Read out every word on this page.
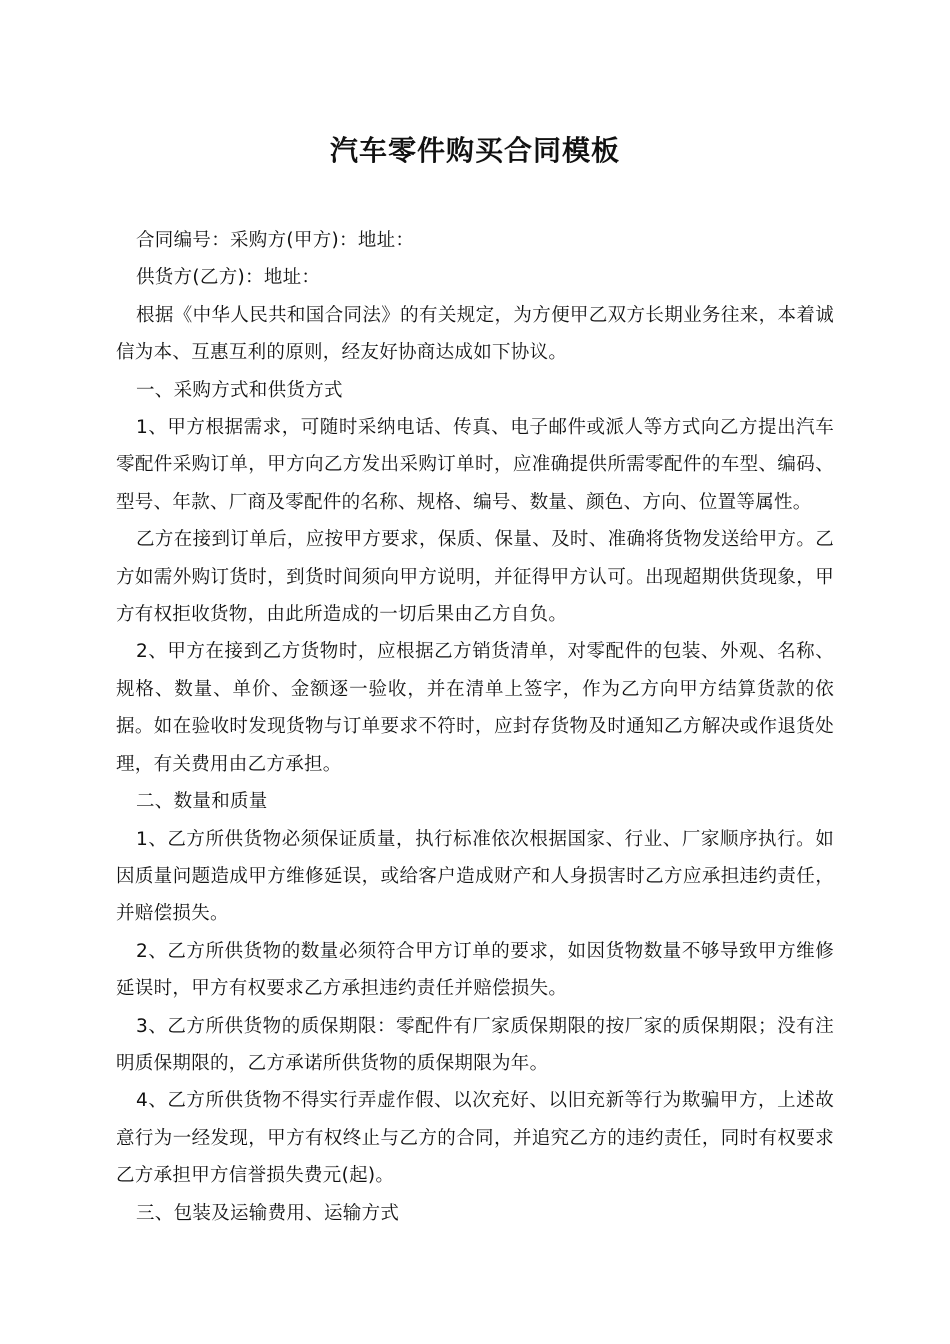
汽车零件购买合同模板

合同编号：采购方(甲方)：地址：

供货方(乙方)：地址：

根据《中华人民共和国合同法》的有关规定，为方便甲乙双方长期业务往来，本着诚信为本、互惠互利的原则，经友好协商达成如下协议。

一、采购方式和供货方式

1、甲方根据需求，可随时采纳电话、传真、电子邮件或派人等方式向乙方提出汽车零配件采购订单，甲方向乙方发出采购订单时，应准确提供所需零配件的车型、编码、型号、年款、厂商及零配件的名称、规格、编号、数量、颜色、方向、位置等属性。

乙方在接到订单后，应按甲方要求，保质、保量、及时、准确将货物发送给甲方。乙方如需外购订货时，到货时间须向甲方说明，并征得甲方认可。出现超期供货现象，甲方有权拒收货物，由此所造成的一切后果由乙方自负。

2、甲方在接到乙方货物时，应根据乙方销货清单，对零配件的包装、外观、名称、规格、数量、单价、金额逐一验收，并在清单上签字，作为乙方向甲方结算货款的依据。如在验收时发现货物与订单要求不符时，应封存货物及时通知乙方解决或作退货处理，有关费用由乙方承担。

二、数量和质量

1、乙方所供货物必须保证质量，执行标准依次根据国家、行业、厂家顺序执行。如因质量问题造成甲方维修延误，或给客户造成财产和人身损害时乙方应承担违约责任，并赔偿损失。

2、乙方所供货物的数量必须符合甲方订单的要求，如因货物数量不够导致甲方维修延误时，甲方有权要求乙方承担违约责任并赔偿损失。

3、乙方所供货物的质保期限：零配件有厂家质保期限的按厂家的质保期限；没有注明质保期限的，乙方承诺所供货物的质保期限为年。

4、乙方所供货物不得实行弄虚作假、以次充好、以旧充新等行为欺骗甲方，上述故意行为一经发现，甲方有权终止与乙方的合同，并追究乙方的违约责任，同时有权要求乙方承担甲方信誉损失费元(起)。

三、包装及运输费用、运输方式
